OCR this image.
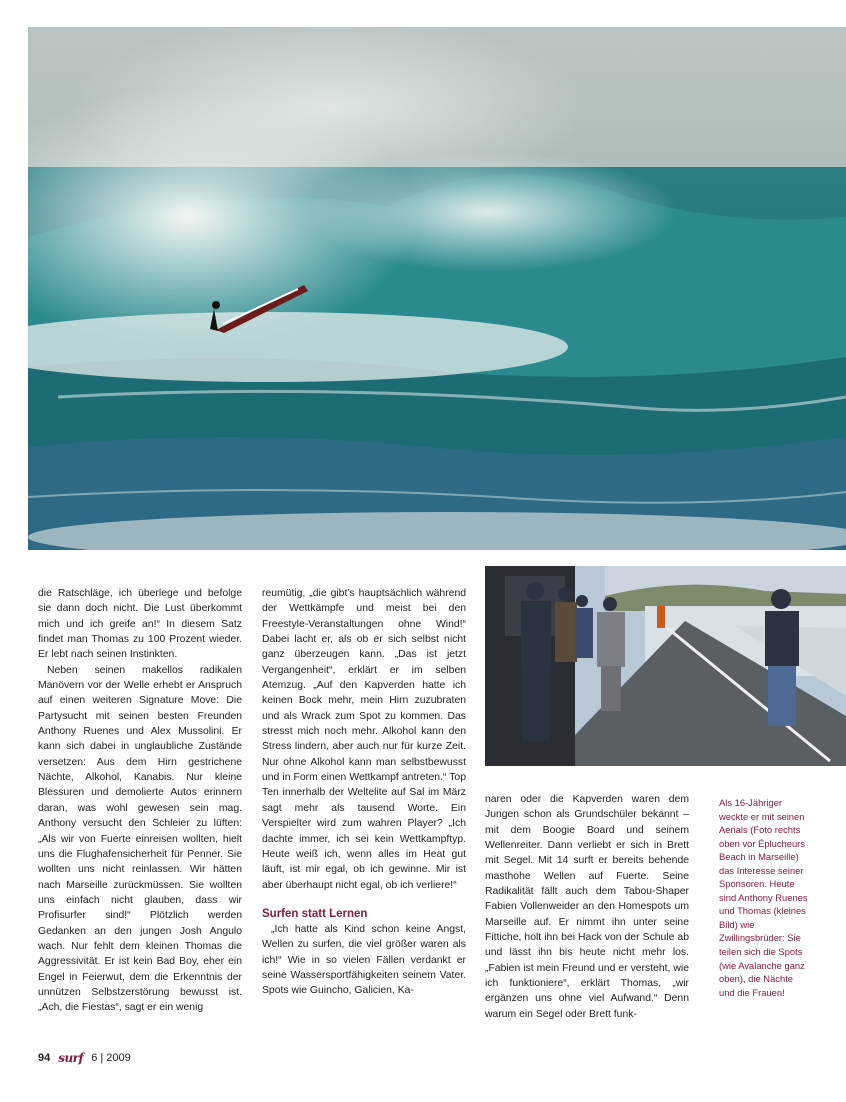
die Ratschläge, ich überlege und befolge sie dann doch nicht. Die Lust überkommt mich und ich greife an!“ In diesem Satz findet man Thomas zu 100 Prozent wieder. Er lebt nach seinen Instinkten.

Neben seinen makellos radikalen Manövern vor der Welle erhebt er Anspruch auf einen weiteren Signature Move: Die Partysucht mit seinen besten Freunden Anthony Ruenes und Alex Mussolini. Er kann sich dabei in unglaubliche Zustände versetzen: Aus dem Hirn gestrichene Nächte, Alkohol, Kanabis. Nur kleine Blessuren und demolierte Autos erinnern daran, was wohl gewesen sein mag. Anthony versucht den Schleier zu lüften: „Als wir von Fuerte einreisen wollten, hielt uns die Flughafensicherheit für Penner. Sie wollten uns nicht reinlassen. Wir hätten nach Marseille zurückmüssen. Sie wollten uns einfach nicht glauben, dass wir Profisurfer sind!“ Plötzlich werden Gedanken an den jungen Josh Angulo wach. Nur fehlt dem kleinen Thomas die Aggressivität. Er ist kein Bad Boy, eher ein Engel in Feierwut, dem die Erkenntnis der unnützen Selbstzerstörung bewusst ist. „Ach, die Fiestas“, sagt er ein wenig

reumütig, „die gibt’s hauptsächlich während der Wettkämpfe und meist bei den Freestyle-Veranstaltungen ohne Wind!“ Dabei lacht er, als ob er sich selbst nicht ganz überzeugen kann. „Das ist jetzt Vergangenheit“, erklärt er im selben Atemzug. „Auf den Kapverden hatte ich keinen Bock mehr, mein Hirn zuzubraten und als Wrack zum Spot zu kommen. Das stresst mich noch mehr. Alkohol kann den Stress lindern, aber auch nur für kurze Zeit. Nur ohne Alkohol kann man selbstbewusst und in Form einen Wettkampf antreten.“ Top Ten innerhalb der Weltelite auf Sal im März sagt mehr als tausend Worte. Ein Verspielter wird zum wahren Player? „Ich dachte immer, ich sei kein Wettkampftyp. Heute weiß ich, wenn alles im Heat gut läuft, ist mir egal, ob ich gewinne. Mir ist aber überhaupt nicht egal, ob ich verliere!“

Surfen statt Lernen

„Ich hatte als Kind schon keine Angst, Wellen zu surfen, die viel größer waren als ich!“ Wie in so vielen Fällen verdankt er seine Wassersportfähigkeiten seinem Vater. Spots wie Guincho, Galicien, Ka-

naren oder die Kapverden waren dem Jungen schon als Grundschüler bekannt – mit dem Boogie Board und seinem Wellenreiter. Dann verliebt er sich in Brett mit Segel. Mit 14 surft er bereits behende masthohe Wellen auf Fuerte. Seine Radikalität fällt auch dem Tabou-Shaper Fabien Vollenweider an den Homespots um Marseille auf. Er nimmt ihn unter seine Fittiche, holt ihn bei Hack von der Schule ab und lässt ihn bis heute nicht mehr los. „Fabien ist mein Freund und er versteht, wie ich funktioniere“, erklärt Thomas, „wir ergänzen uns ohne viel Aufwand.“ Denn warum ein Segel oder Brett funk-

Als 16-Jähriger weckte er mit seinen Aerials (Foto rechts oben vor Éplucheurs Beach in Marseille) das Interesse seiner Sponsoren. Heute sind Anthony Ruenes und Thomas (kleines Bild) wie Zwillingsbrüder: Sie teilen sich die Spots (wie Avalanche ganz oben), die Nächte und die Frauen!
94 surf 6 | 2009
